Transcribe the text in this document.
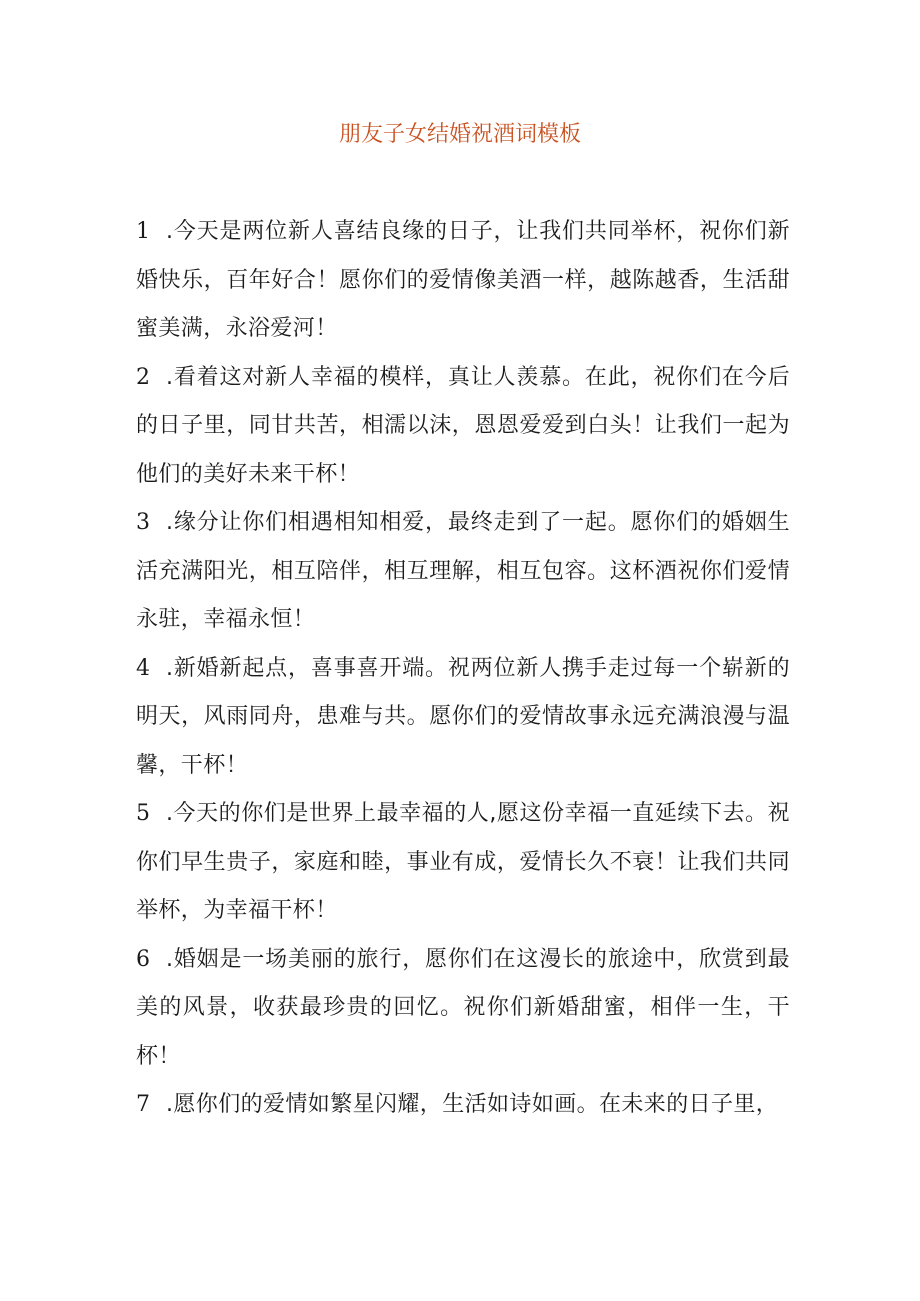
朋友子女结婚祝酒词模板

1 .今天是两位新人喜结良缘的日子，让我们共同举杯，祝你们新婚快乐，百年好合！愿你们的爱情像美酒一样，越陈越香，生活甜蜜美满，永浴爱河！

2 .看着这对新人幸福的模样，真让人羡慕。在此，祝你们在今后的日子里，同甘共苦，相濡以沫，恩恩爱爱到白头！让我们一起为他们的美好未来干杯！

3 .缘分让你们相遇相知相爱，最终走到了一起。愿你们的婚姻生活充满阳光，相互陪伴，相互理解，相互包容。这杯酒祝你们爱情永驻，幸福永恒！

4 .新婚新起点，喜事喜开端。祝两位新人携手走过每一个崭新的明天，风雨同舟，患难与共。愿你们的爱情故事永远充满浪漫与温馨，干杯！

5 .今天的你们是世界上最幸福的人,愿这份幸福一直延续下去。祝你们早生贵子，家庭和睦，事业有成，爱情长久不衰！让我们共同举杯，为幸福干杯！

6 .婚姻是一场美丽的旅行，愿你们在这漫长的旅途中，欣赏到最美的风景，收获最珍贵的回忆。祝你们新婚甜蜜，相伴一生，干杯！

7 .愿你们的爱情如繁星闪耀，生活如诗如画。在未来的日子里，
